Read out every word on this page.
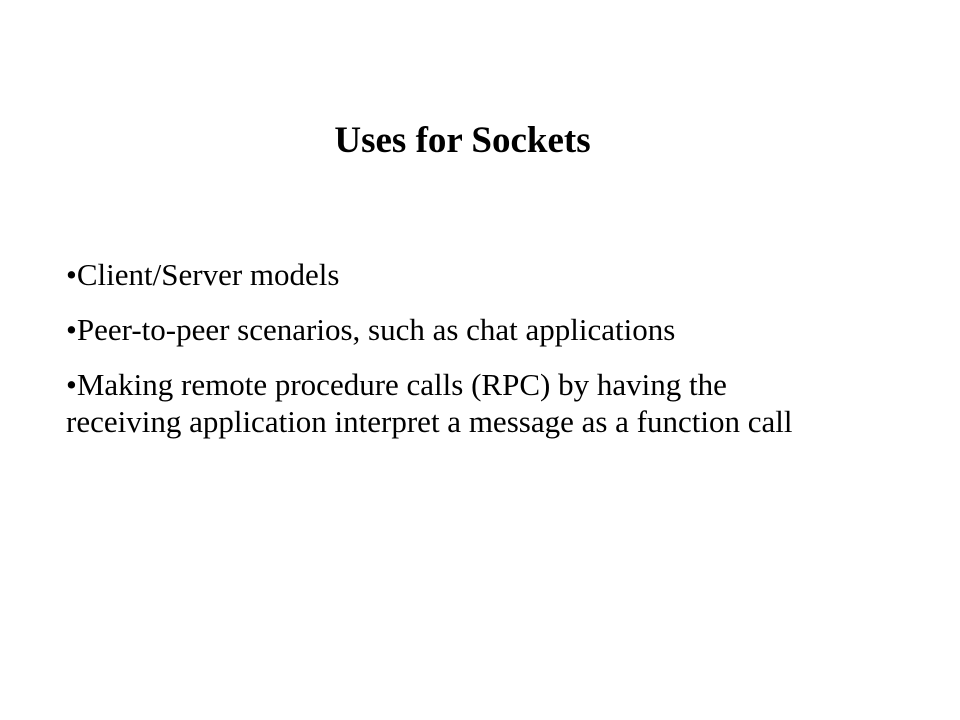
Uses for Sockets
•Client/Server models
•Peer-to-peer scenarios, such as chat applications
•Making remote procedure calls (RPC) by having the receiving application interpret a message as a function call
